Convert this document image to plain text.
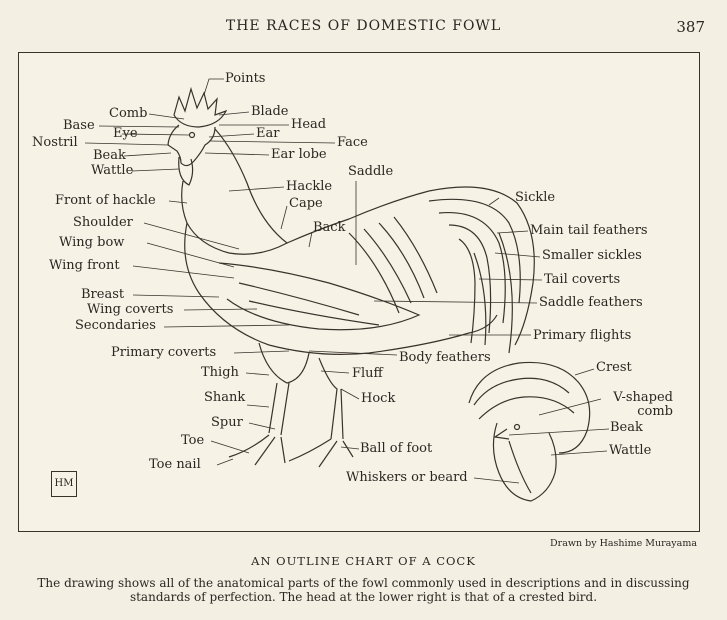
THE RACES OF DOMESTIC FOWL	387
Points
Comb	Blade
Base	Head
Eye	Ear
Nostril	Face
Beak	Ear lobe
Wattle	Saddle
Hackle
Front of hackle	Cape	Sickle
Shoulder	Back	Main tail feathers
Wing bow
Smaller sickles
Wing front
Tail coverts
Breast
Saddle feathers
Wing coverts
Secondaries
Primary flights
Primary coverts	Body feathers
Crest
Thigh	Fluff
V-shaped comb
Shank	Hock
Spur	Beak
Toe
Ball of foot	Wattle
Toe nail
Whiskers or beard
HM
Drawn by Hashime Murayama
AN OUTLINE CHART OF A COCK
The drawing shows all of the anatomical parts of the fowl commonly used in descriptions and in discussing standards of perfection. The head at the lower right is that of a crested bird.
